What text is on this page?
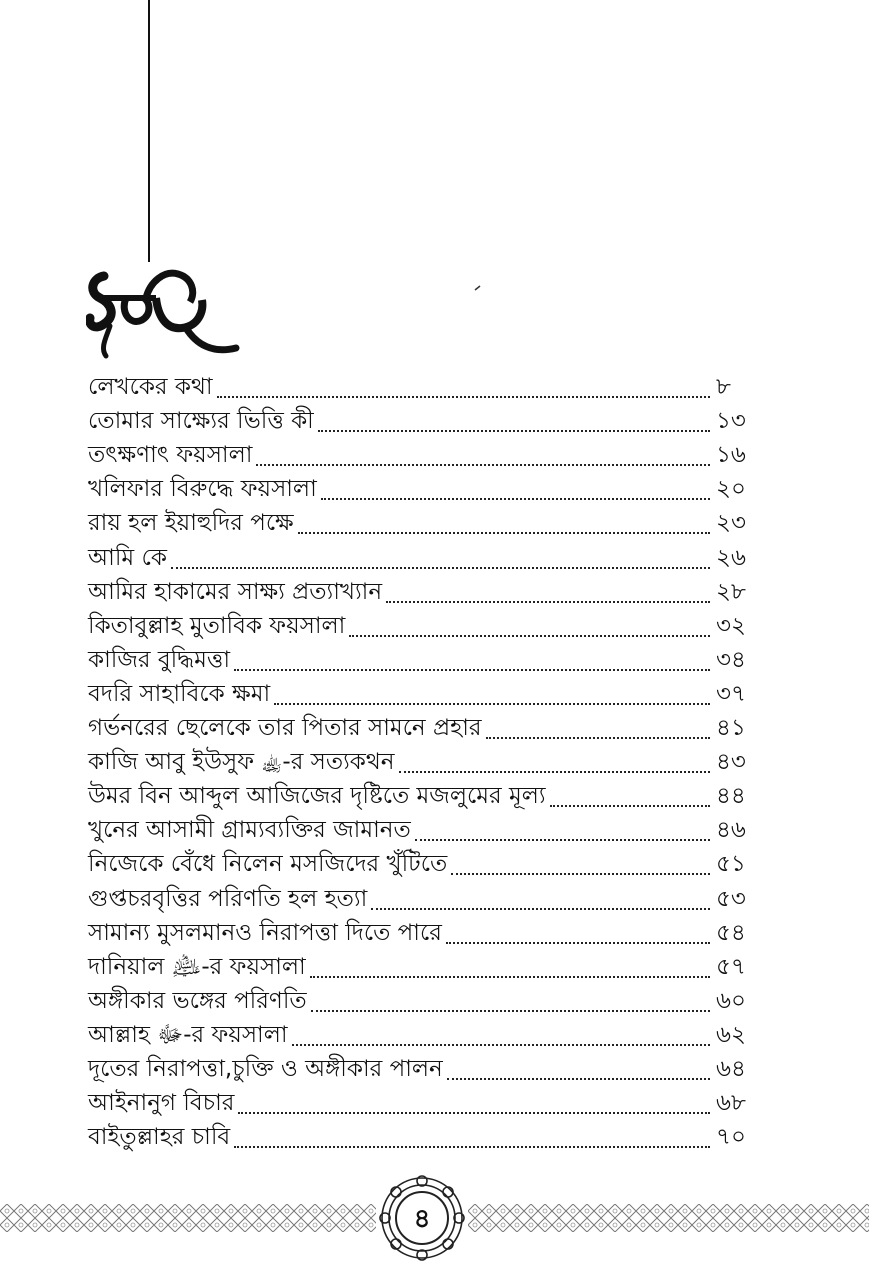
লেখকের কথা	৮
তোমার সাক্ষ্যের ভিত্তি কী	১৩
তৎক্ষণাৎ ফয়সালা	১৬
খলিফার বিরুদ্ধে ফয়সালা	২০
রায় হল ইয়াহুদির পক্ষে	২৩
আমি কে	২৬
আমির হাকামের সাক্ষ্য প্রত্যাখ্যান	২৮
কিতাবুল্লাহ মুতাবিক ফয়সালা	৩২
কাজির বুদ্ধিমত্তা	৩৪
বদরি সাহাবিকে ক্ষমা	৩৭
গর্ভনরের ছেলেকে তার পিতার সামনে প্রহার	৪১
কাজি আবু ইউসুফ ﵀-র সত্যকথন	৪৩
উমর বিন আব্দুল আজিজের দৃষ্টিতে মজলুমের মূল্য	৪৪
খুনের আসামী গ্রাম্যব্যক্তির জামানত	৪৬
নিজেকে বেঁধে নিলেন মসজিদের খুঁটিতে	৫১
গুপ্তচরবৃত্তির পরিণতি হল হত্যা	৫৩
সামান্য মুসলমানও নিরাপত্তা দিতে পারে	৫৪
দানিয়াল ﵇-র ফয়সালা	৫৭
অঙ্গীকার ভঙ্গের পরিণতি	৬০
আল্লাহ ﷻ-র ফয়সালা	৬২
দূতের নিরাপত্তা,চুক্তি ও অঙ্গীকার পালন	৬৪
আইনানুগ বিচার	৬৮
বাইতুল্লাহর চাবি	৭০
৪
